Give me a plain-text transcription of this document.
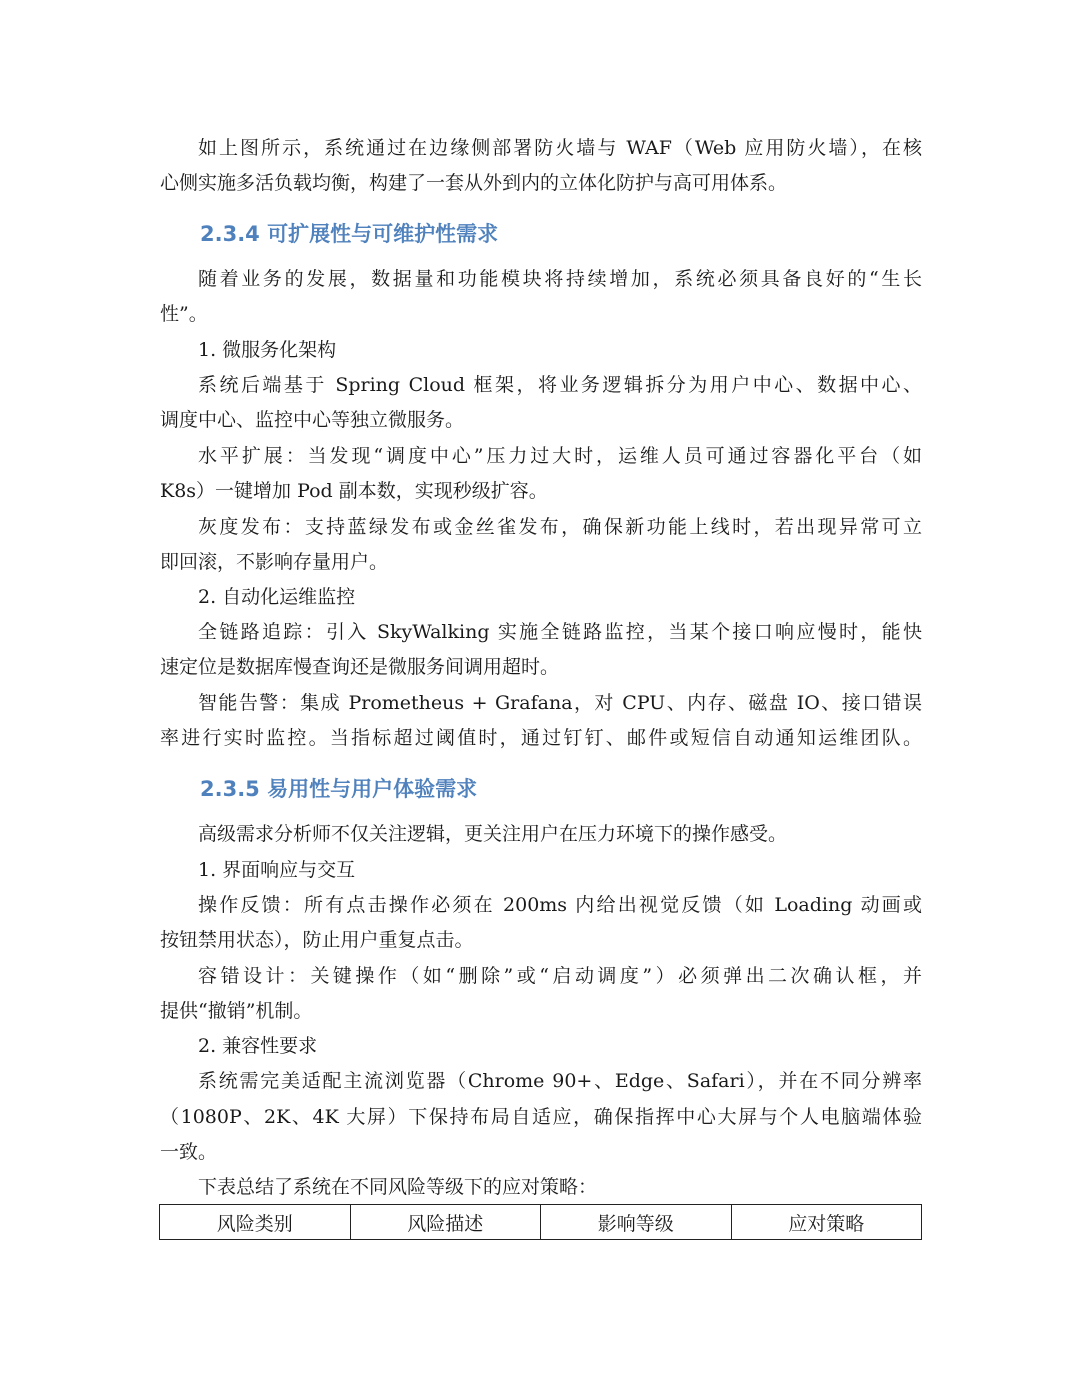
如上图所示，系统通过在边缘侧部署防火墙与 WAF（Web 应用防火墙），在核
心侧实施多活负载均衡，构建了一套从外到内的立体化防护与高可用体系。
2.3.4 可扩展性与可维护性需求
随着业务的发展，数据量和功能模块将持续增加，系统必须具备良好的“生长
性”。
1. 微服务化架构
系统后端基于 Spring Cloud 框架，将业务逻辑拆分为用户中心、数据中心、
调度中心、监控中心等独立微服务。
水平扩展：当发现“调度中心”压力过大时，运维人员可通过容器化平台（如
K8s）一键增加 Pod 副本数，实现秒级扩容。
灰度发布：支持蓝绿发布或金丝雀发布，确保新功能上线时，若出现异常可立
即回滚，不影响存量用户。
2. 自动化运维监控
全链路追踪：引入 SkyWalking 实施全链路监控，当某个接口响应慢时，能快
速定位是数据库慢查询还是微服务间调用超时。
智能告警：集成 Prometheus + Grafana，对 CPU、内存、磁盘 IO、接口错误
率进行实时监控。当指标超过阈值时，通过钉钉、邮件或短信自动通知运维团队。
2.3.5 易用性与用户体验需求
高级需求分析师不仅关注逻辑，更关注用户在压力环境下的操作感受。
1. 界面响应与交互
操作反馈：所有点击操作必须在 200ms 内给出视觉反馈（如 Loading 动画或
按钮禁用状态），防止用户重复点击。
容错设计：关键操作（如“删除”或“启动调度”）必须弹出二次确认框，并
提供“撤销”机制。
2. 兼容性要求
系统需完美适配主流浏览器（Chrome 90+、Edge、Safari），并在不同分辨率
（1080P、2K、4K 大屏）下保持布局自适应，确保指挥中心大屏与个人电脑端体验
一致。
下表总结了系统在不同风险等级下的应对策略：
风险类别	风险描述	影响等级	应对策略
